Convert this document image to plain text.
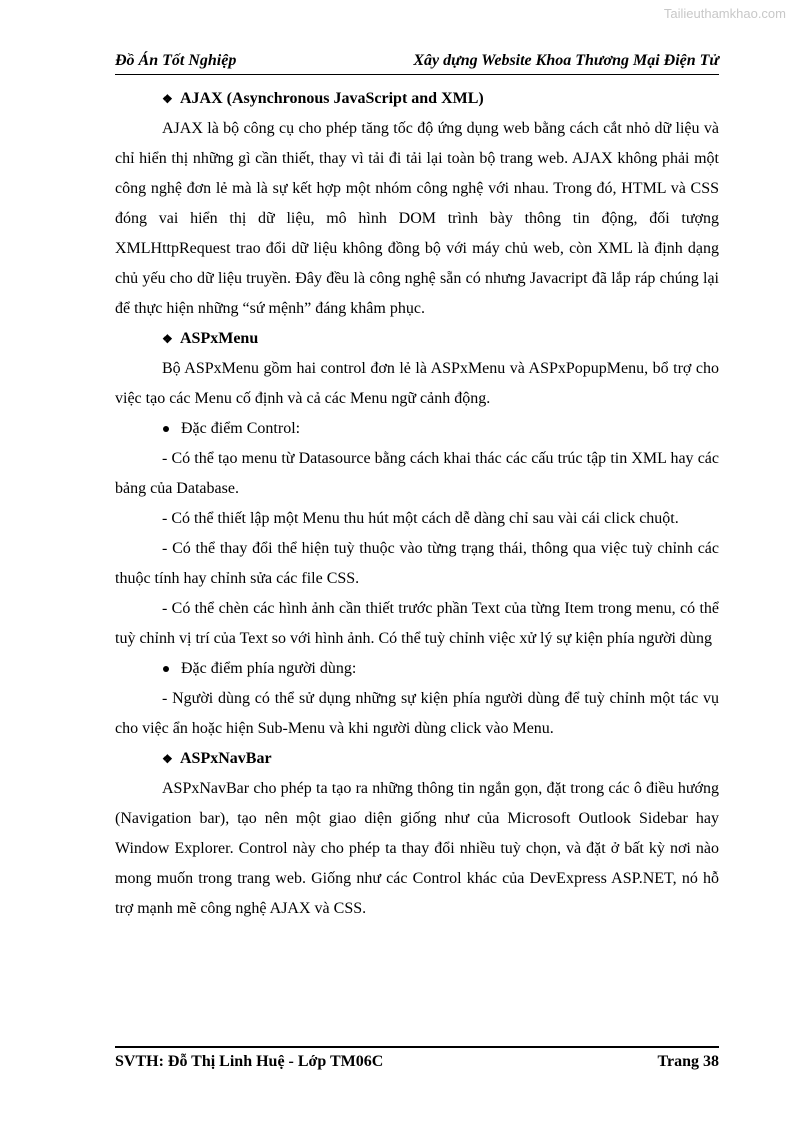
Tailieuthamkhao.com
Đồ Án Tốt Nghiệp	Xây dựng Website Khoa Thương Mại Điện Tử
❖ AJAX (Asynchronous JavaScript and XML)

AJAX là bộ công cụ cho phép tăng tốc độ ứng dụng web bằng cách cắt nhỏ dữ liệu và chỉ hiển thị những gì cần thiết, thay vì tải đi tải lại toàn bộ trang web. AJAX không phải một công nghệ đơn lẻ mà là sự kết hợp một nhóm công nghệ với nhau. Trong đó, HTML và CSS đóng vai hiển thị dữ liệu, mô hình DOM trình bày thông tin động, đối tượng XMLHttpRequest trao đổi dữ liệu không đồng bộ với máy chủ web, còn XML là định dạng chủ yếu cho dữ liệu truyền. Đây đều là công nghệ sẵn có nhưng Javacript đã lắp ráp chúng lại để thực hiện những “sứ mệnh” đáng khâm phục.

❖ ASPxMenu

Bộ ASPxMenu gồm hai control đơn lẻ là ASPxMenu và ASPxPopupMenu, bổ trợ cho việc tạo các Menu cố định và cả các Menu ngữ cảnh động.

Đặc điểm Control:

- Có thể tạo menu từ Datasource bằng cách khai thác các cấu trúc tập tin XML hay các bảng của Database.

- Có thể thiết lập một Menu thu hút một cách dễ dàng chỉ sau vài cái click chuột.

- Có thể thay đổi thể hiện tuỳ thuộc vào từng trạng thái, thông qua việc tuỳ chỉnh các thuộc tính hay chỉnh sửa các file CSS.

- Có thể chèn các hình ảnh cần thiết trước phần Text của từng Item trong menu, có thể tuỳ chỉnh vị trí của Text so với hình ảnh. Có thể tuỳ chỉnh việc xử lý sự kiện phía người dùng

Đặc điểm phía người dùng:

- Người dùng có thể sử dụng những sự kiện phía người dùng để tuỳ chỉnh một tác vụ cho việc ẩn hoặc hiện Sub-Menu và khi người dùng click vào Menu.

❖ ASPxNavBar

ASPxNavBar cho phép ta tạo ra những thông tin ngắn gọn, đặt trong các ô điều hướng (Navigation bar), tạo nên một giao diện giống như của Microsoft Outlook Sidebar hay Window Explorer. Control này cho phép ta thay đổi nhiều tuỳ chọn, và đặt ở bất kỳ nơi nào mong muốn trong trang web. Giống như các Control khác của DevExpress ASP.NET, nó hỗ trợ mạnh mẽ công nghệ AJAX và CSS.

SVTH: Đỗ Thị Linh Huệ - Lớp TM06C	Trang 38
